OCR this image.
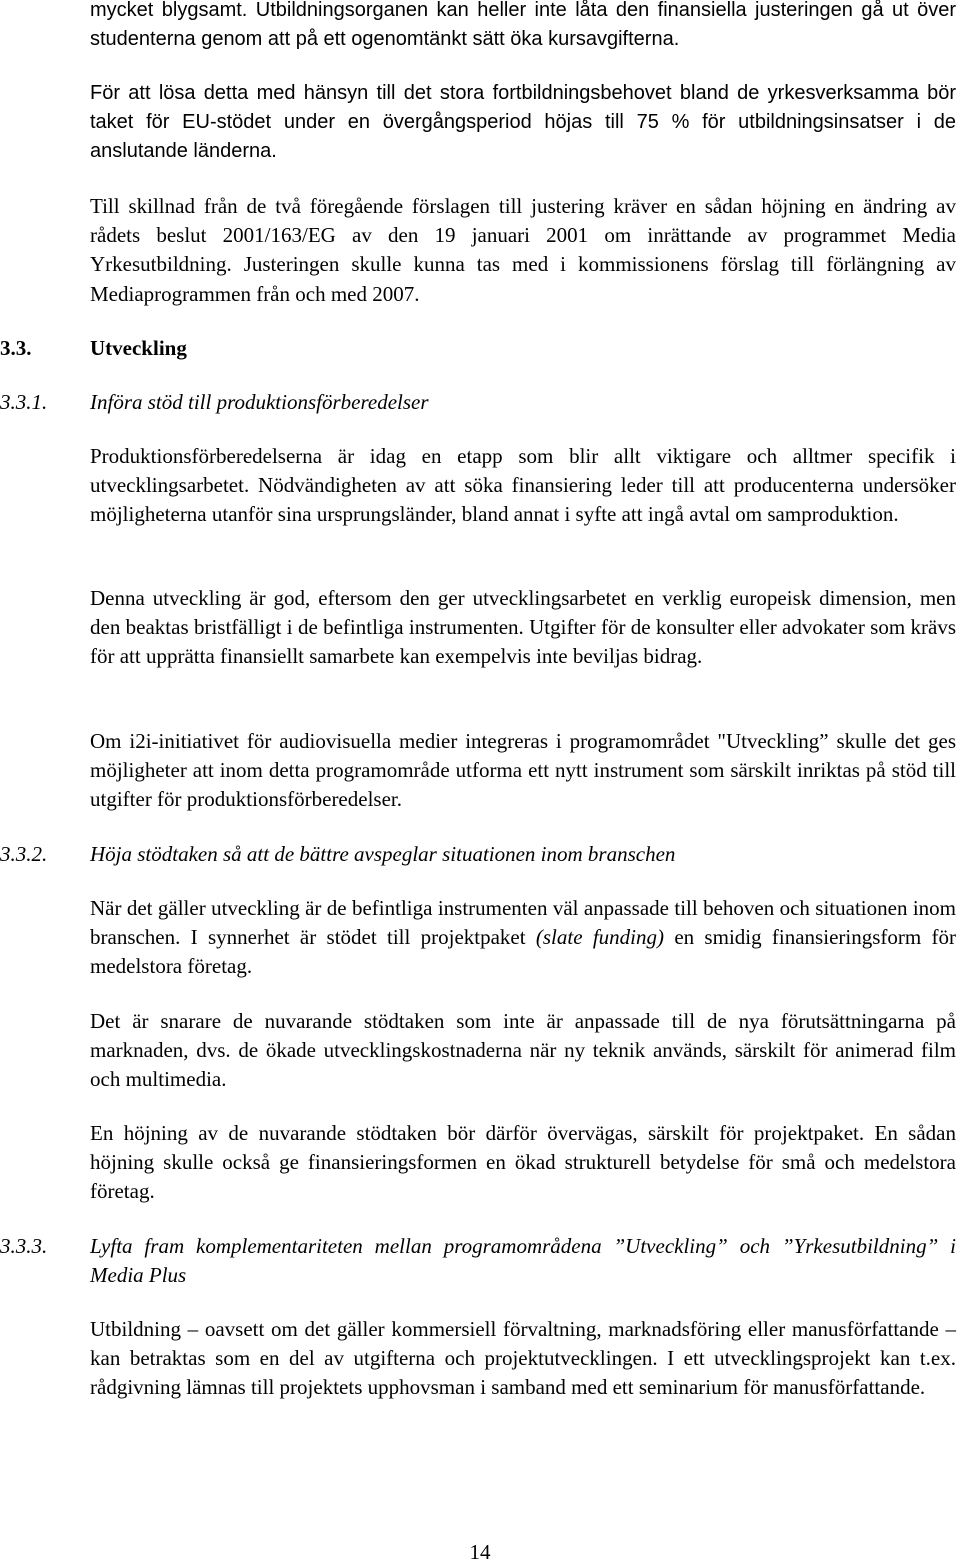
mycket blygsamt. Utbildningsorganen kan heller inte låta den finansiella justeringen gå ut över studenterna genom att på ett ogenomtänkt sätt öka kursavgifterna.

För att lösa detta med hänsyn till det stora fortbildningsbehovet bland de yrkesverksamma bör taket för EU-stödet under en övergångsperiod höjas till 75 % för utbildningsinsatser i de anslutande länderna.

Till skillnad från de två föregående förslagen till justering kräver en sådan höjning en ändring av rådets beslut 2001/163/EG av den 19 januari 2001 om inrättande av programmet Media Yrkesutbildning. Justeringen skulle kunna tas med i kommissionens förslag till förlängning av Mediaprogrammen från och med 2007.

3.3.	Utveckling
3.3.1. Införa stöd till produktionsförberedelser

Produktionsförberedelserna är idag en etapp som blir allt viktigare och alltmer specifik i utvecklingsarbetet. Nödvändigheten av att söka finansiering leder till att producenterna undersöker möjligheterna utanför sina ursprungsländer, bland annat i syfte att ingå avtal om samproduktion.

Denna utveckling är god, eftersom den ger utvecklingsarbetet en verklig europeisk dimension, men den beaktas bristfälligt i de befintliga instrumenten. Utgifter för de konsulter eller advokater som krävs för att upprätta finansiellt samarbete kan exempelvis inte beviljas bidrag.

Om i2i-initiativet för audiovisuella medier integreras i programområdet "Utveckling” skulle det ges möjligheter att inom detta programområde utforma ett nytt instrument som särskilt inriktas på stöd till utgifter för produktionsförberedelser.

3.3.2. Höja stödtaken så att de bättre avspeglar situationen inom branschen

När det gäller utveckling är de befintliga instrumenten väl anpassade till behoven och situationen inom branschen. I synnerhet är stödet till projektpaket (slate funding) en smidig finansieringsform för medelstora företag.

Det är snarare de nuvarande stödtaken som inte är anpassade till de nya förutsättningarna på marknaden, dvs. de ökade utvecklingskostnaderna när ny teknik används, särskilt för animerad film och multimedia.

En höjning av de nuvarande stödtaken bör därför övervägas, särskilt för projektpaket. En sådan höjning skulle också ge finansieringsformen en ökad strukturell betydelse för små och medelstora företag.

3.3.3. Lyfta fram komplementariteten mellan programområdena ”Utveckling” och ”Yrkesutbildning” i Media Plus

Utbildning – oavsett om det gäller kommersiell förvaltning, marknadsföring eller manusförfattande – kan betraktas som en del av utgifterna och projektutvecklingen. I ett utvecklingsprojekt kan t.ex. rådgivning lämnas till projektets upphovsman i samband med ett seminarium för manusförfattande.

14
